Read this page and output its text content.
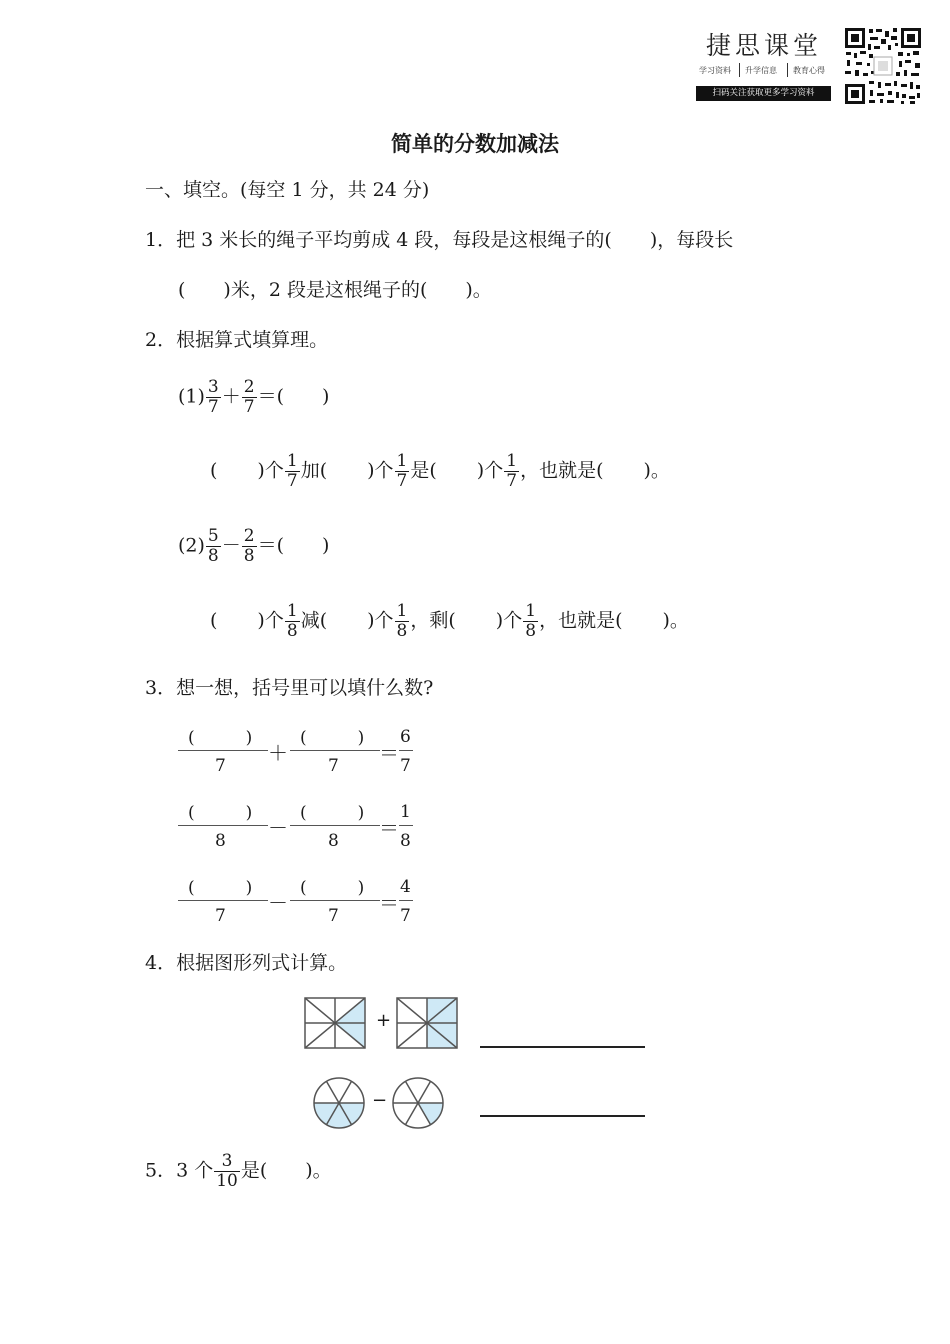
捷思课堂
学习资料 升学信息 教育心得
扫码关注获取更多学习资料
简单的分数加减法
一、填空。(每空 1 分，共 24 分)
1．把 3 米长的绳子平均剪成 4 段，每段是这根绳子的(　　)，每段长
(　　)米，2 段是这根绳子的(　　)。
2．根据算式填算理。
$(1) \frac{3}{7} + \frac{2}{7}$ ＝(　　)
( )个 $\frac{1}{7}$ 加( )个 $\frac{1}{7}$ 是( )个 $\frac{1}{7}$ ，也就是( )。
$(2) \frac{5}{8} - \frac{2}{8}$ ＝(　　)
( )个 $\frac{1}{8}$ 减( )个 $\frac{1}{8}$ ，剩( )个 $\frac{1}{8}$ ，也就是( )。
3．想一想，括号里可以填什么数?
(　　　)
7
＋
(　　　)
7
＝
6
7
(　　　)
8
－
(　　　)
8
＝
1
8
(　　　)
7
－
(　　　)
7
＝
4
7
4．根据图形列式计算。
+
−
5．3 个 $\frac{3}{10}$ 是(　　)。
